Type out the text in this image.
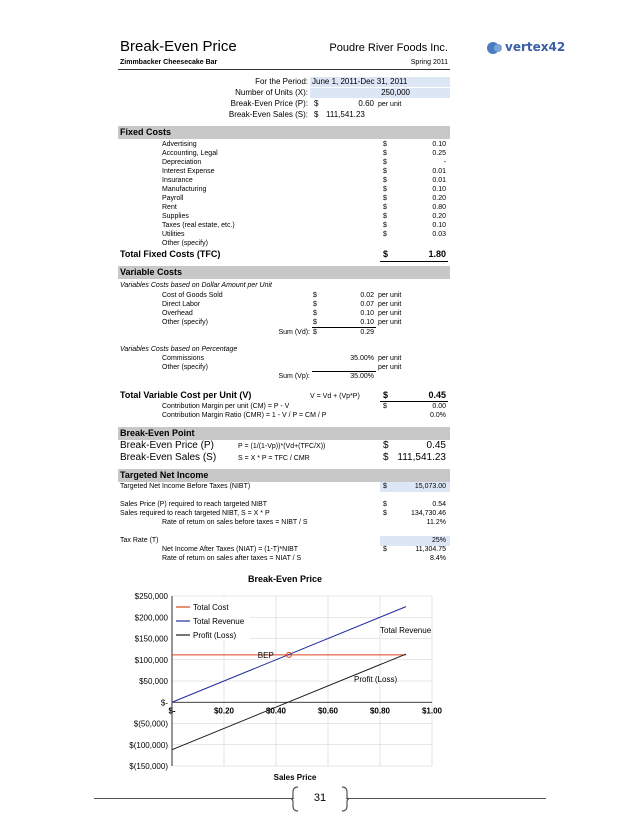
Break-Even Price	Poudre River Foods Inc.
Zimmbacker Cheesecake Bar	Spring 2011
vertex42
For the Period: June 1, 2011-Dec 31, 2011
Number of Units (X):	250,000
Break-Even Price (P): $	0.60 per unit
Break-Even Sales (S): $ 111,541.23
Fixed Costs
Advertising	$	0.10
Accounting, Legal	$	0.25
Depreciation	$	-
Interest Expense	$	0.01
Insurance	$	0.01
Manufacturing	$	0.10
Payroll	$	0.20
Rent	$	0.80
Supplies	$	0.20
Taxes (real estate, etc.)	$	0.10
Utilities	$	0.03
Other (specify)
Total Fixed Costs (TFC)	$	1.80
Variable Costs
Variables Costs based on Dollar Amount per Unit
Cost of Goods Sold	$	0.02 per unit
Direct Labor	$	0.07 per unit
Overhead	$	0.10 per unit
Other (specify)	$	0.10 per unit
Sum (Vd): $	0.29
Variables Costs based on Percentage
Commissions	35.00% per unit
Other (specify)	per unit
Sum (Vp):	35.00%
Total Variable Cost per Unit (V)	V = Vd + (Vp*P)	$	0.45
Contribution Margin per unit (CM) = P - V	$	0.00
Contribution Margin Ratio (CMR) = 1 - V / P = CM / P	0.0%
Break-Even Point
Break-Even Price (P)	P = (1/(1-Vp))*(Vd+(TFC/X))	$	0.45
Break-Even Sales (S)	S = X * P = TFC / CMR	$ 111,541.23
Targeted Net Income
Targeted Net Income Before Taxes (NIBT)	$	15,073.00
Sales Price (P) required to reach targeted NIBT	$	0.54
Sales required to reach targeted NIBT, S = X * P	$	134,730.46
Rate of return on sales before taxes = NIBT / S	11.2%
Tax Rate (T)	25%
Net Income After Taxes (NIAT) = (1-T)*NIBT	$	11,304.75
Rate of return on sales after taxes = NIAT / S	8.4%
Break-Even Price
$250,000
$200,000
$150,000
$100,000
$50,000
$-
$(50,000)
$(100,000)
$(150,000)
$-	$0.20	$0.40	$0.60	$0.80	$1.00
BEP
Total Revenue
Profit (Loss)
Total Cost
Total Revenue
Profit (Loss)
Sales Price
31
